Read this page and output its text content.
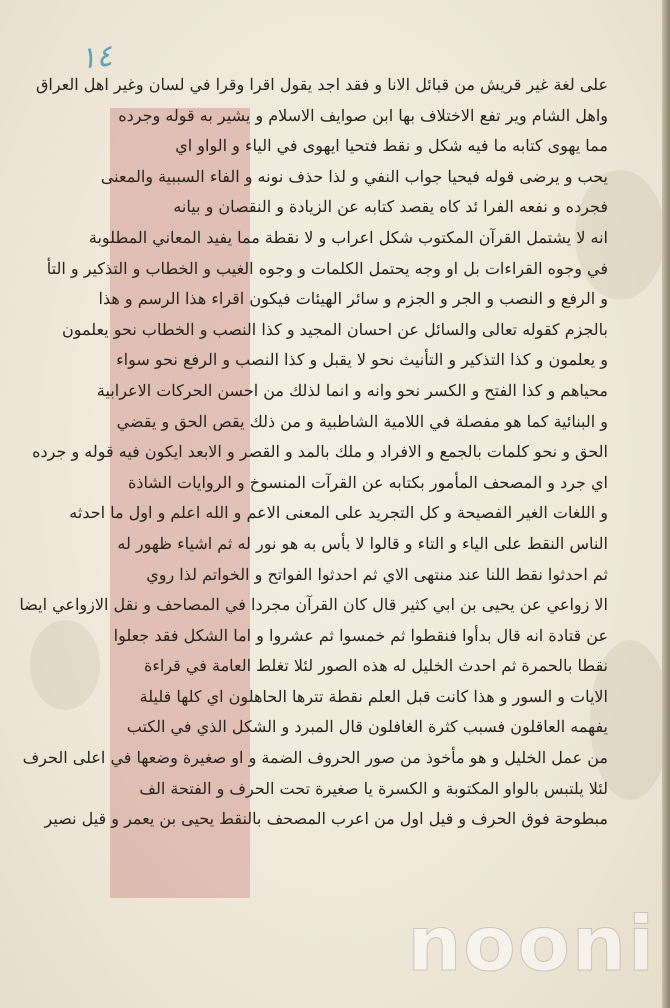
١٤

على لغة غير قريش من قبائل الانا و فقد اجد يقول اقرا وقرا في لسان وغير اهل العراق

واهل الشام وير تفع الاختلاف بها ابن صوايف الاسلام و يشير به قوله وجرده

مما يهوى كتابه ما فيه شكل و نقط فتحيا ايهوى في الياء و الواو اي

يحب و يرضى قوله فيحيا جواب النفي و لذا حذف نونه و الفاء السببية والمعنى

فجرده و نفعه الفرا ئد كاه يقصد كتابه عن الزيادة و النقصان و بيانه

انه لا يشتمل القرآن المكتوب شكل اعراب و لا نقطة مما يفيد المعاني المطلوبة

في وجوه القراءات بل او وجه يحتمل الكلمات و وجوه الغيب و الخطاب و التذكير و التأ

و الرفع و النصب و الجر و الجزم و سائر الهيئات فيكون اقراء هذا الرسم و هذا

بالجزم كقوله تعالى والسائل عن احسان المجيد و كذا النصب و الخطاب نحو يعلمون

و يعلمون و كذا التذكير و التأنيث نحو لا يقبل و كذا النصب و الرفع نحو سواء

محياهم و كذا الفتح و الكسر نحو وانه و انما لذلك من احسن الحركات الاعرابية

و البنائية كما هو مفصلة في اللامية الشاطبية و من ذلك يقص الحق و يقضي

الحق و نحو كلمات بالجمع و الافراد و ملك بالمد و القصر و الابعد ايكون فيه قوله و جرده

اي جرد و المصحف المأمور بكتابه عن القرآت المنسوخ و الروايات الشاذة

و اللغات الغير الفصيحة و كل التجريد على المعنى الاعم و الله اعلم و اول ما احدثه

الناس النقط على الياء و التاء و قالوا لا بأس به هو نور له ثم اشياء ظهور له

ثم احدثوا نقط اللنا عند منتهى الاي ثم احدثوا الفواتح و الخواتم لذا روي

الا زواعي عن يحيى بن ابي كثير قال كان القرآن مجردا في المصاحف و نقل الازواعي ايضا

عن قتادة انه قال بدأوا فنقطوا ثم خمسوا ثم عشروا و اما الشكل فقد جعلوا

نقطا بالحمرة ثم احدث الخليل له هذه الصور لئلا تغلط العامة في قراءة

الايات و السور و هذا كانت قبل العلم نقطة تترها الحاهلون اي كلها قليلة

يفهمه العاقلون فسبب كثرة الغافلون قال المبرد و الشكل الذي في الكتب

من عمل الخليل و هو مأخوذ من صور الحروف الضمة و او صغيرة وضعها في اعلى الحرف

لئلا يلتبس بالواو المكتوبة و الكسرة يا صغيرة تحت الحرف و الفتحة الف

مبطوحة فوق الحرف و قيل اول من اعرب المصحف بالنقط يحيى بن يعمر و قيل نصير

nooni
